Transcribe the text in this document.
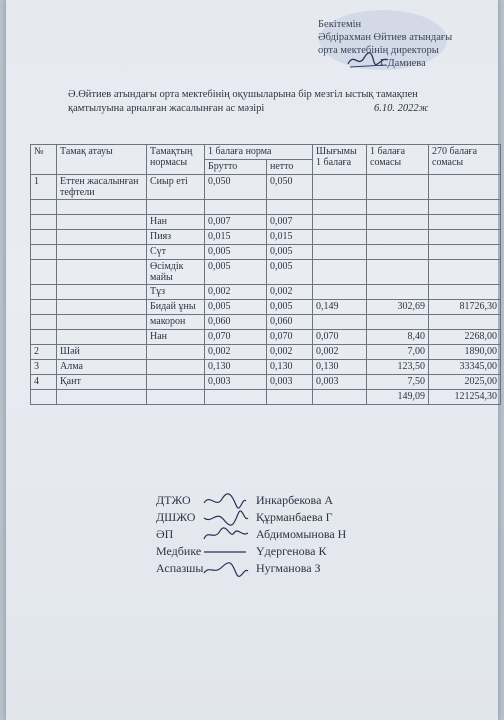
Бекітемін
Әбдірахман Өйтиев атындағы
орта мектебінің директоры
Г.Дамиева
Ә.Өйтиев атындағы орта мектебінің оқушыларына бір мезгіл ыстық тамақпен
қамтылуына арналған жасалынған ас мәзірі	6.10. 2022ж
№	Тамақ атауы	Тамақтың нормасы	1 балаға норма		Шығымы 1 балаға	1 балаға сомасы	270 балаға сомасы
			Брутто	нетто			
1	Еттен жасалынған тефтели	Сиыр еті	0,050	0,050			

		Нан	0,007	0,007			
		Пияз	0,015	0,015			
		Сүт	0,005	0,005			
		Өсімдік майы	0,005	0,005			
		Тұз	0,002	0,002			
		Бидай ұны	0,005	0,005	0,149	302,69	81726,30
		макорон	0,060	0,060			
		Нан	0,070	0,070	0,070	8,40	2268,00
2	Шәй		0,002	0,002	0,002	7,00	1890,00
3	Алма		0,130	0,130	0,130	123,50	33345,00
4	Қант		0,003	0,003	0,003	7,50	2025,00
						149,09	121254,30
ДТЖО	Инкарбекова А
ДШЖО	Құрманбаева Г
ӘП	Абдимомынова Н
Медбике	Үдергенова К
Аспазшы	Нугманова З
